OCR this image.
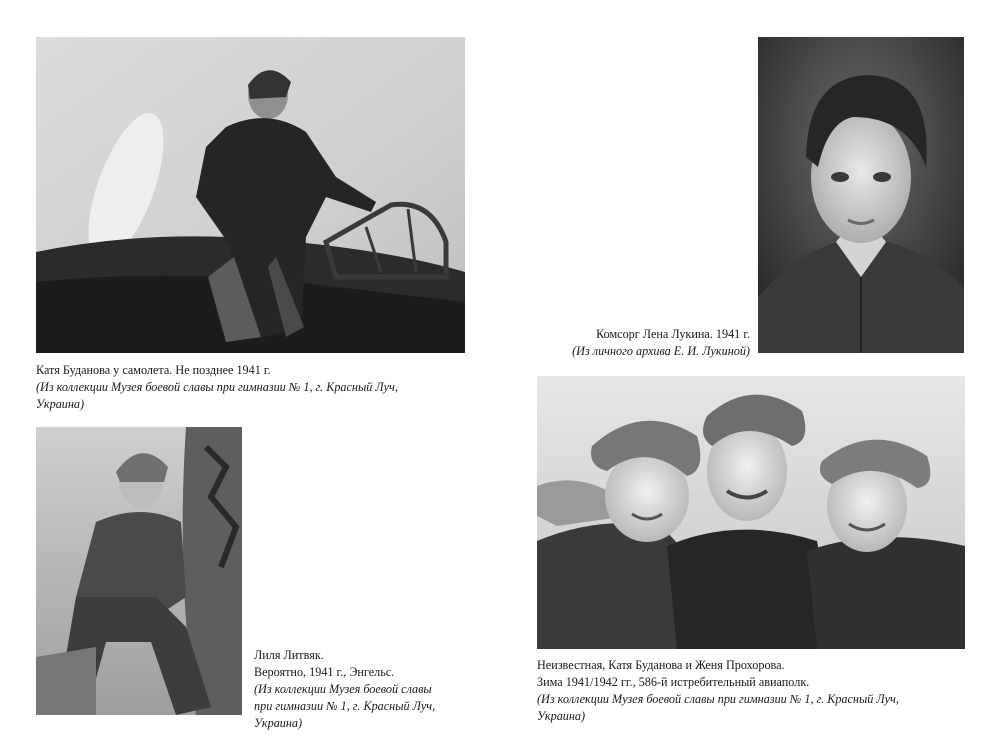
Катя Буданова у самолета. Не позднее 1941 г.
(Из коллекции Музея боевой славы при гимназии № 1, г. Красный Луч,
Украина)
Комсорг Лена Лукина. 1941 г.
(Из личного архива Е. И. Лукиной)
Лиля Литвяк.
Вероятно, 1941 г., Энгельс.
(Из коллекции Музея боевой славы
при гимназии № 1, г. Красный Луч,
Украина)
Неизвестная, Катя Буданова и Женя Прохорова.
Зима 1941/1942 гг., 586-й истребительный авиаполк.
(Из коллекции Музея боевой славы при гимназии № 1, г. Красный Луч,
Украина)
